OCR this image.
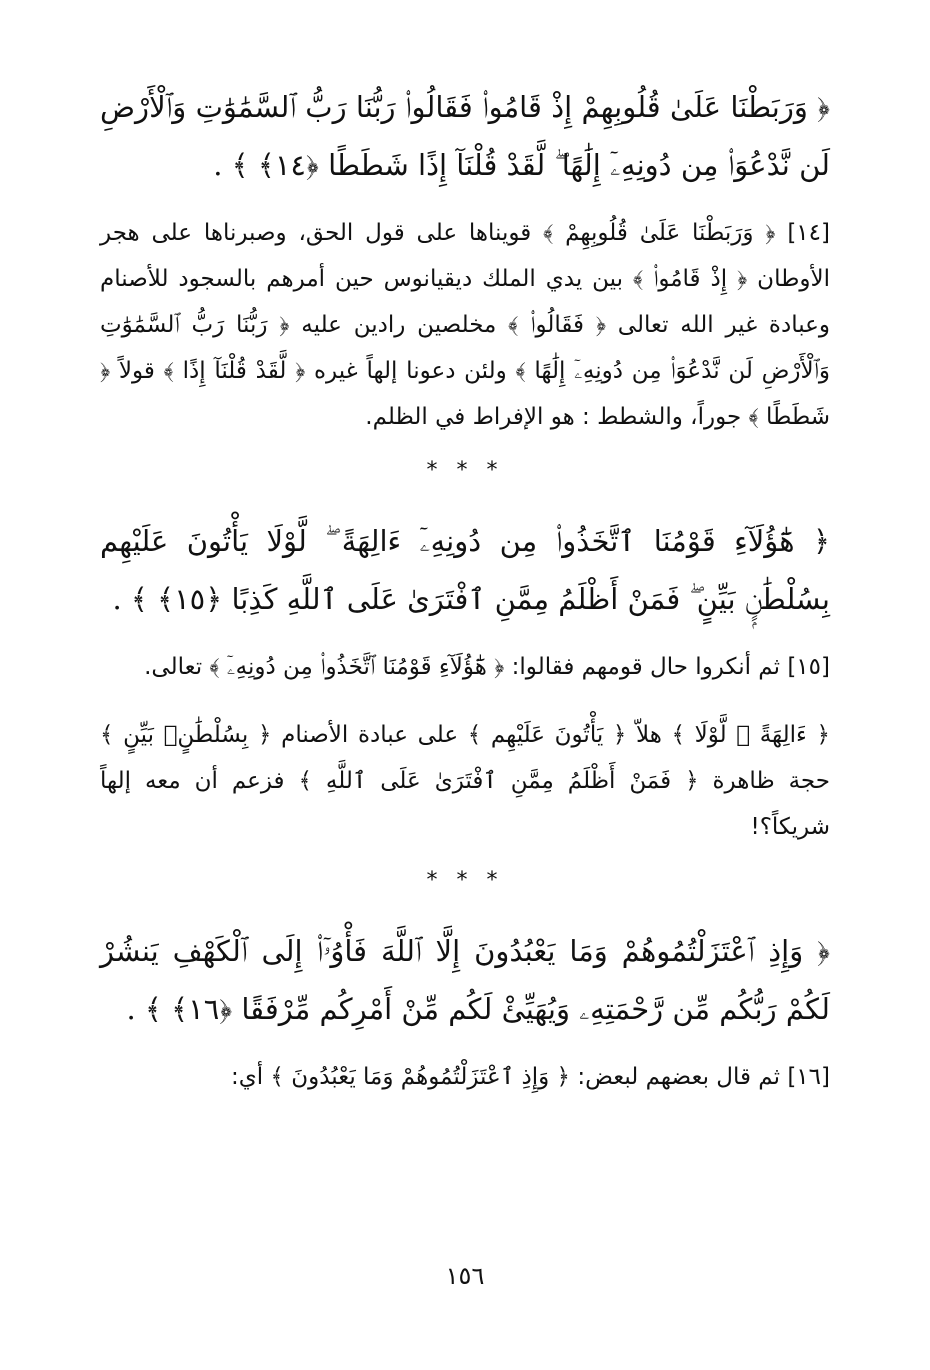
﴿ وَرَبَطْنَا عَلَىٰ قُلُوبِهِمْ إِذْ قَامُوا۟ فَقَالُوا۟ رَبُّنَا رَبُّ ٱلسَّمَٰوَٰتِ وَٱلْأَرْضِ لَن نَّدْعُوَا۟ مِن دُونِهِۦٓ إِلَٰهًا ۖ لَّقَدْ قُلْنَآ إِذًا شَطَطًا ﴿١٤﴾ ﴾ .

[١٤] ﴿ وَرَبَطْنَا عَلَىٰ قُلُوبِهِمْ ﴾ قويناها على قول الحق، وصبرناها على هجر الأوطان ﴿ إِذْ قَامُوا۟ ﴾ بين يدي الملك ديقيانوس حين أمرهم بالسجود للأصنام وعبادة غير الله تعالى ﴿ فَقَالُوا۟ ﴾ مخلصين رادين عليه ﴿ رَبُّنَا رَبُّ ٱلسَّمَٰوَٰتِ وَٱلْأَرْضِ لَن نَّدْعُوَا۟ مِن دُونِهِۦٓ إِلَٰهًا ﴾ ولئن دعونا إلهاً غيره ﴿ لَّقَدْ قُلْنَآ إِذًا ﴾ قولاً ﴿ شَطَطًا ﴾ جوراً، والشطط : هو الإفراط في الظلم.

* * *

﴿ هَٰٓؤُلَآءِ قَوْمُنَا ٱتَّخَذُوا۟ مِن دُونِهِۦٓ ءَالِهَةً ۖ لَّوْلَا يَأْتُونَ عَلَيْهِم بِسُلْطَٰنٍۭ بَيِّنٍ ۖ فَمَنْ أَظْلَمُ مِمَّنِ ٱفْتَرَىٰ عَلَى ٱللَّهِ كَذِبًا ﴿١٥﴾ ﴾ .

[١٥] ثم أنكروا حال قومهم فقالوا: ﴿ هَٰٓؤُلَآءِ قَوْمُنَا ٱتَّخَذُوا۟ مِن دُونِهِۦٓ ﴾ تعالى.

﴿ ءَالِهَةً ۖ لَّوْلَا ﴾ هلاّ ﴿ يَأْتُونَ عَلَيْهِم ﴾ على عبادة الأصنام ﴿ بِسُلْطَٰنٍۭ بَيِّنٍ ﴾ حجة ظاهرة ﴿ فَمَنْ أَظْلَمُ مِمَّنِ ٱفْتَرَىٰ عَلَى ٱللَّهِ ﴾ فزعم أن معه إلهاً شريكاً؟!

* * *

﴿ وَإِذِ ٱعْتَزَلْتُمُوهُمْ وَمَا يَعْبُدُونَ إِلَّا ٱللَّهَ فَأْوُۥٓا۟ إِلَى ٱلْكَهْفِ يَنشُرْ لَكُمْ رَبُّكُم مِّن رَّحْمَتِهِۦ وَيُهَيِّئْ لَكُم مِّنْ أَمْرِكُم مِّرْفَقًا ﴿١٦﴾ ﴾ .

[١٦] ثم قال بعضهم لبعض: ﴿ وَإِذِ ٱعْتَزَلْتُمُوهُمْ وَمَا يَعْبُدُونَ ﴾ أي:

١٥٦
